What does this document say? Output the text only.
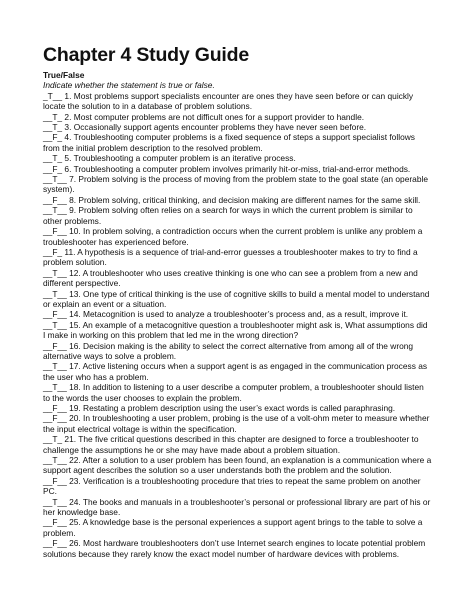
Chapter 4 Study Guide

True/False

Indicate whether the statement is true or false.

_T__ 1. Most problems support specialists encounter are ones they have seen before or can quickly locate the solution to in a database of problem solutions.
__T_ 2. Most computer problems are not difficult ones for a support provider to handle.
__T_ 3. Occasionally support agents encounter problems they have never seen before.
__F_ 4. Troubleshooting computer problems is a fixed sequence of steps a support specialist follows from the initial problem description to the resolved problem.
__T_ 5. Troubleshooting a computer problem is an iterative process.
__F_ 6. Troubleshooting a computer problem involves primarily hit-or-miss, trial-and-error methods.
__T__ 7. Problem solving is the process of moving from the problem state to the goal state (an operable system).
__F__ 8. Problem solving, critical thinking, and decision making are different names for the same skill.
__T__ 9. Problem solving often relies on a search for ways in which the current problem is similar to other problems.
__F__ 10. In problem solving, a contradiction occurs when the current problem is unlike any problem a troubleshooter has experienced before.
__F_ 11. A hypothesis is a sequence of trial-and-error guesses a troubleshooter makes to try to find a problem solution.
__T__ 12. A troubleshooter who uses creative thinking is one who can see a problem from a new and different perspective.
__T__ 13. One type of critical thinking is the use of cognitive skills to build a mental model to understand or explain an event or a situation.
__F__ 14. Metacognition is used to analyze a troubleshooter’s process and, as a result, improve it.
__T__ 15. An example of a metacognitive question a troubleshooter might ask is, What assumptions did I make in working on this problem that led me in the wrong direction?
__F__ 16. Decision making is the ability to select the correct alternative from among all of the wrong alternative ways to solve a problem.
__T__ 17. Active listening occurs when a support agent is as engaged in the communication process as the user who has a problem.
__T__ 18. In addition to listening to a user describe a computer problem, a troubleshooter should listen to the words the user chooses to explain the problem.
__F__ 19. Restating a problem description using the user’s exact words is called paraphrasing.
__F__ 20. In troubleshooting a user problem, probing is the use of a volt-ohm meter to measure whether the input electrical voltage is within the specification.
__T_ 21. The five critical questions described in this chapter are designed to force a troubleshooter to challenge the assumptions he or she may have made about a problem situation.
__T__ 22. After a solution to a user problem has been found, an explanation is a communication where a support agent describes the solution so a user understands both the problem and the solution.
__F__ 23. Verification is a troubleshooting procedure that tries to repeat the same problem on another PC.
__T__ 24. The books and manuals in a troubleshooter’s personal or professional library are part of his or her knowledge base.
__F__ 25. A knowledge base is the personal experiences a support agent brings to the table to solve a problem.
__F__ 26. Most hardware troubleshooters don’t use Internet search engines to locate potential problem solutions because they rarely know the exact model number of hardware devices with problems.
